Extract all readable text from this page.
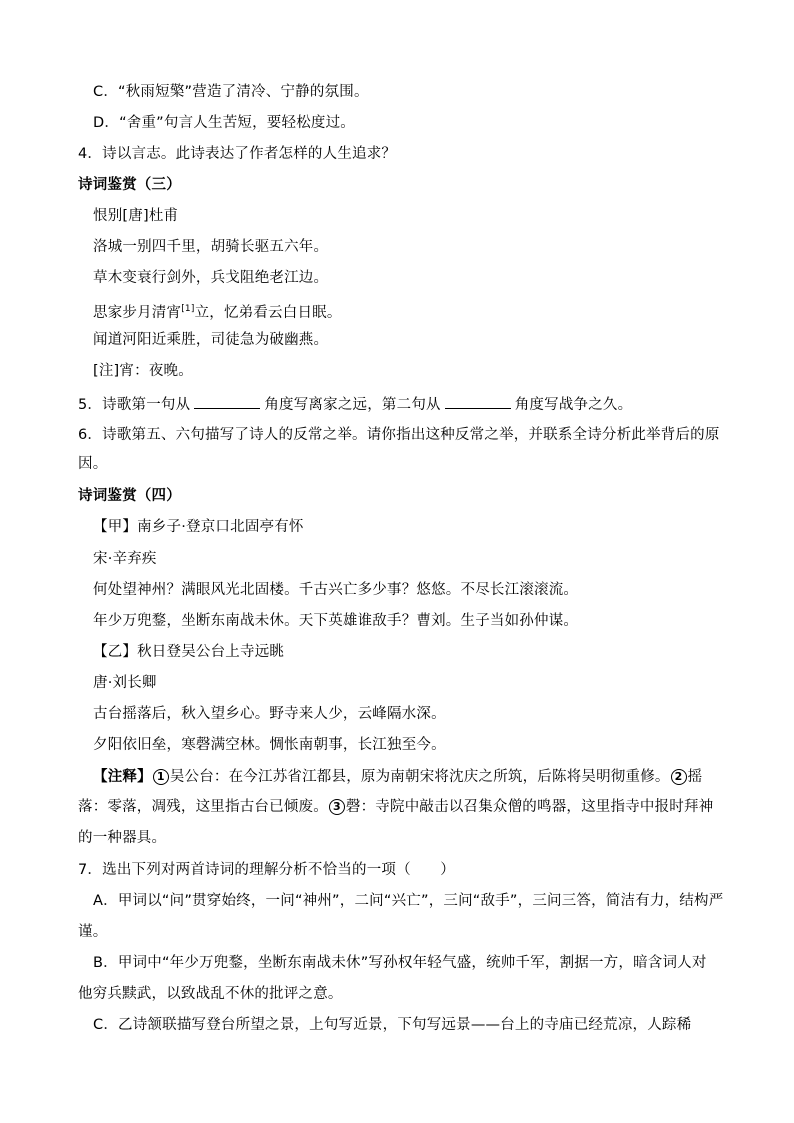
C．“秋雨短檠”营造了清冷、宁静的氛围。
D．“舍重”句言人生苦短，要轻松度过。
4．诗以言志。此诗表达了作者怎样的人生追求？
诗词鉴赏（三）
恨别[唐]杜甫
洛城一别四千里，胡骑长驱五六年。
草木变衰行剑外，兵戈阻绝老江边。
思家步月清宵[1]立，忆弟看云白日眠。
闻道河阳近乘胜，司徒急为破幽燕。
[注]宵：夜晚。
5．诗歌第一句从	角度写离家之远，第二句从	角度写战争之久。
6．诗歌第五、六句描写了诗人的反常之举。请你指出这种反常之举，并联系全诗分析此举背后的原
因。
诗词鉴赏（四）
【甲】南乡子·登京口北固亭有怀
宋·辛弃疾
何处望神州？满眼风光北固楼。千古兴亡多少事？悠悠。不尽长江滚滚流。
年少万兜鍪，坐断东南战未休。天下英雄谁敌手？曹刘。生子当如孙仲谋。
【乙】秋日登吴公台上寺远眺
唐·刘长卿
古台摇落后，秋入望乡心。野寺来人少，云峰隔水深。
夕阳依旧垒，寒磬满空林。惆怅南朝事，长江独至今。
【注释】 1 吴公台：在今江苏省江都县，原为南朝宋将沈庆之所筑，后陈将吴明彻重修。 2 摇
落：零落，凋残，这里指古台已倾废。 3 磬：寺院中敲击以召集众僧的鸣器，这里指寺中报时拜神
的一种器具。
7．选出下列对两首诗词的理解分析不恰当的一项（　　）
A．甲词以“问”贯穿始终，一问“神州”，二问“兴亡”，三问“敌手”，三问三答，简洁有力，结构严
谨。
B．甲词中“年少万兜鍪，坐断东南战未休”写孙权年轻气盛，统帅千军，割据一方，暗含词人对
他穷兵黩武，以致战乱不休的批评之意。
C．乙诗颔联描写登台所望之景，上句写近景，下句写远景——台上的寺庙已经荒凉，人踪稀
